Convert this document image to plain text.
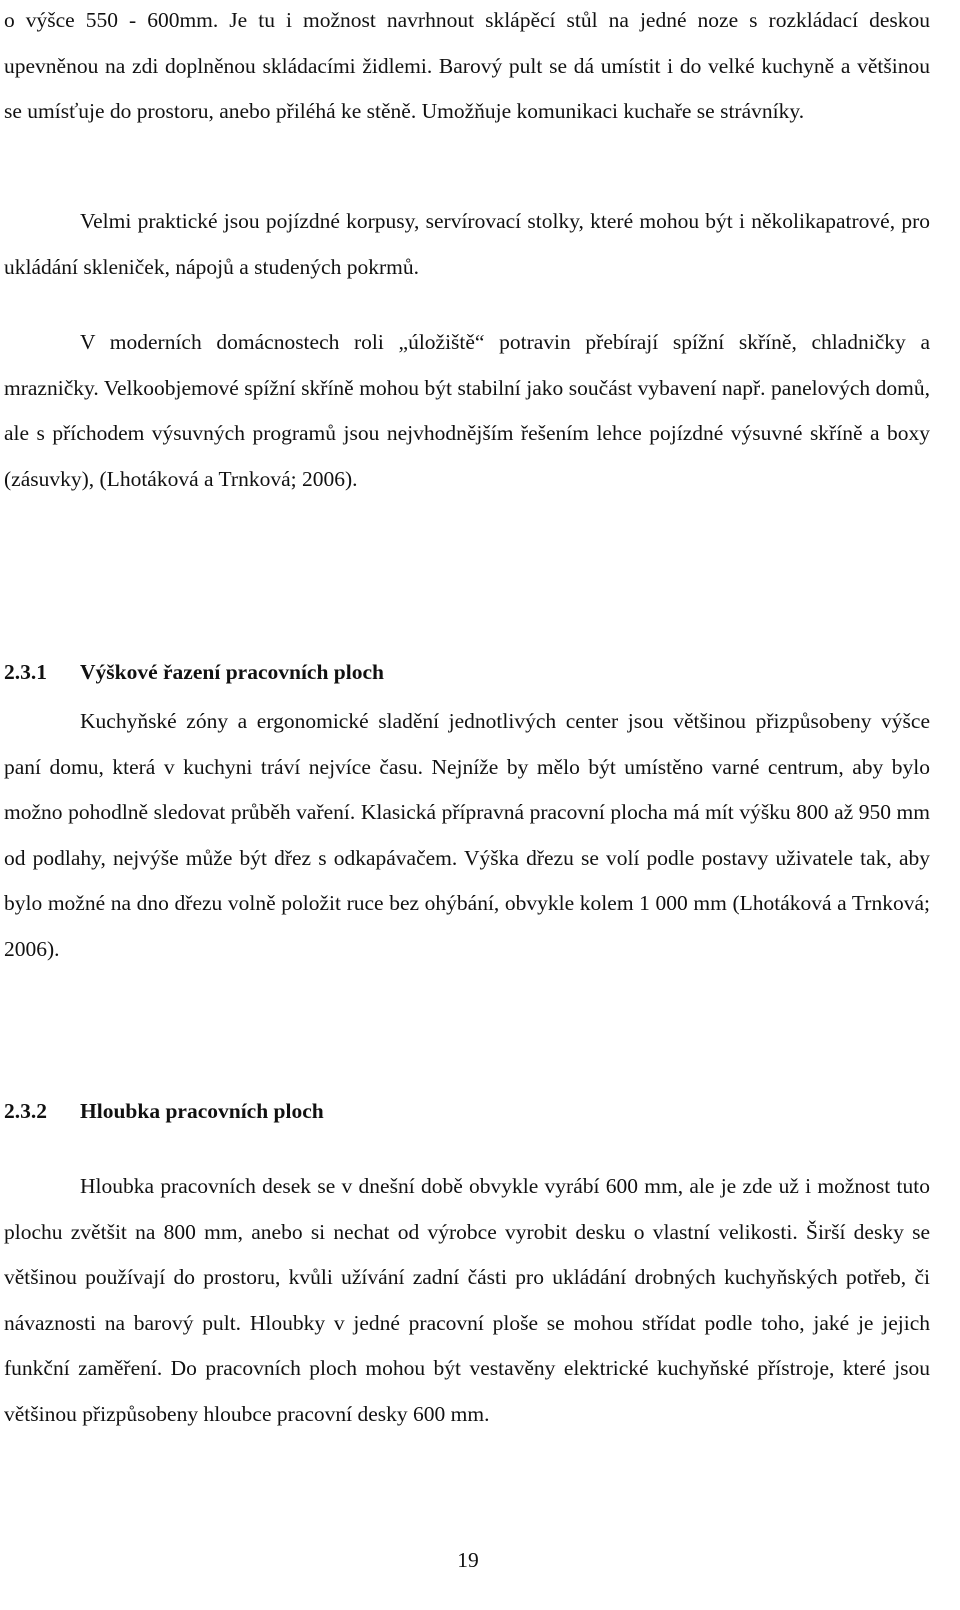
o výšce 550 - 600mm. Je tu i možnost navrhnout sklápěcí stůl na jedné noze s rozkládací deskou upevněnou na zdi doplněnou skládacími židlemi. Barový pult se dá umístit i do velké kuchyně a většinou se umísťuje do prostoru, anebo přiléhá ke stěně. Umožňuje komunikaci kuchaře se strávníky.

Velmi praktické jsou pojízdné korpusy, servírovací stolky, které mohou být i několikapatrové, pro ukládání skleniček, nápojů a studených pokrmů.

V moderních domácnostech roli „úložiště“ potravin přebírají spížní skříně, chladničky a mrazničky. Velkoobjemové spížní skříně mohou být stabilní jako součást vybavení např. panelových domů, ale s příchodem výsuvných programů jsou nejvhodnějším řešením lehce pojízdné výsuvné skříně a boxy (zásuvky), (Lhotáková a Trnková; 2006).

2.3.1 Výškové řazení pracovních ploch

Kuchyňské zóny a ergonomické sladění jednotlivých center jsou většinou přizpůsobeny výšce paní domu, která v kuchyni tráví nejvíce času. Nejníže by mělo být umístěno varné centrum, aby bylo možno pohodlně sledovat průběh vaření. Klasická přípravná pracovní plocha má mít výšku 800 až 950 mm od podlahy, nejvýše může být dřez s odkapávačem. Výška dřezu se volí podle postavy uživatele tak, aby bylo možné na dno dřezu volně položit ruce bez ohýbání, obvykle kolem 1 000 mm (Lhotáková a Trnková; 2006).

2.3.2 Hloubka pracovních ploch

Hloubka pracovních desek se v dnešní době obvykle vyrábí 600 mm, ale je zde už i možnost tuto plochu zvětšit na 800 mm, anebo si nechat od výrobce vyrobit desku o vlastní velikosti. Širší desky se většinou používají do prostoru, kvůli užívání zadní části pro ukládání drobných kuchyňských potřeb, či návaznosti na barový pult. Hloubky v jedné pracovní ploše se mohou střídat podle toho, jaké je jejich funkční zaměření. Do pracovních ploch mohou být vestavěny elektrické kuchyňské přístroje, které jsou většinou přizpůsobeny hloubce pracovní desky 600 mm.

19
